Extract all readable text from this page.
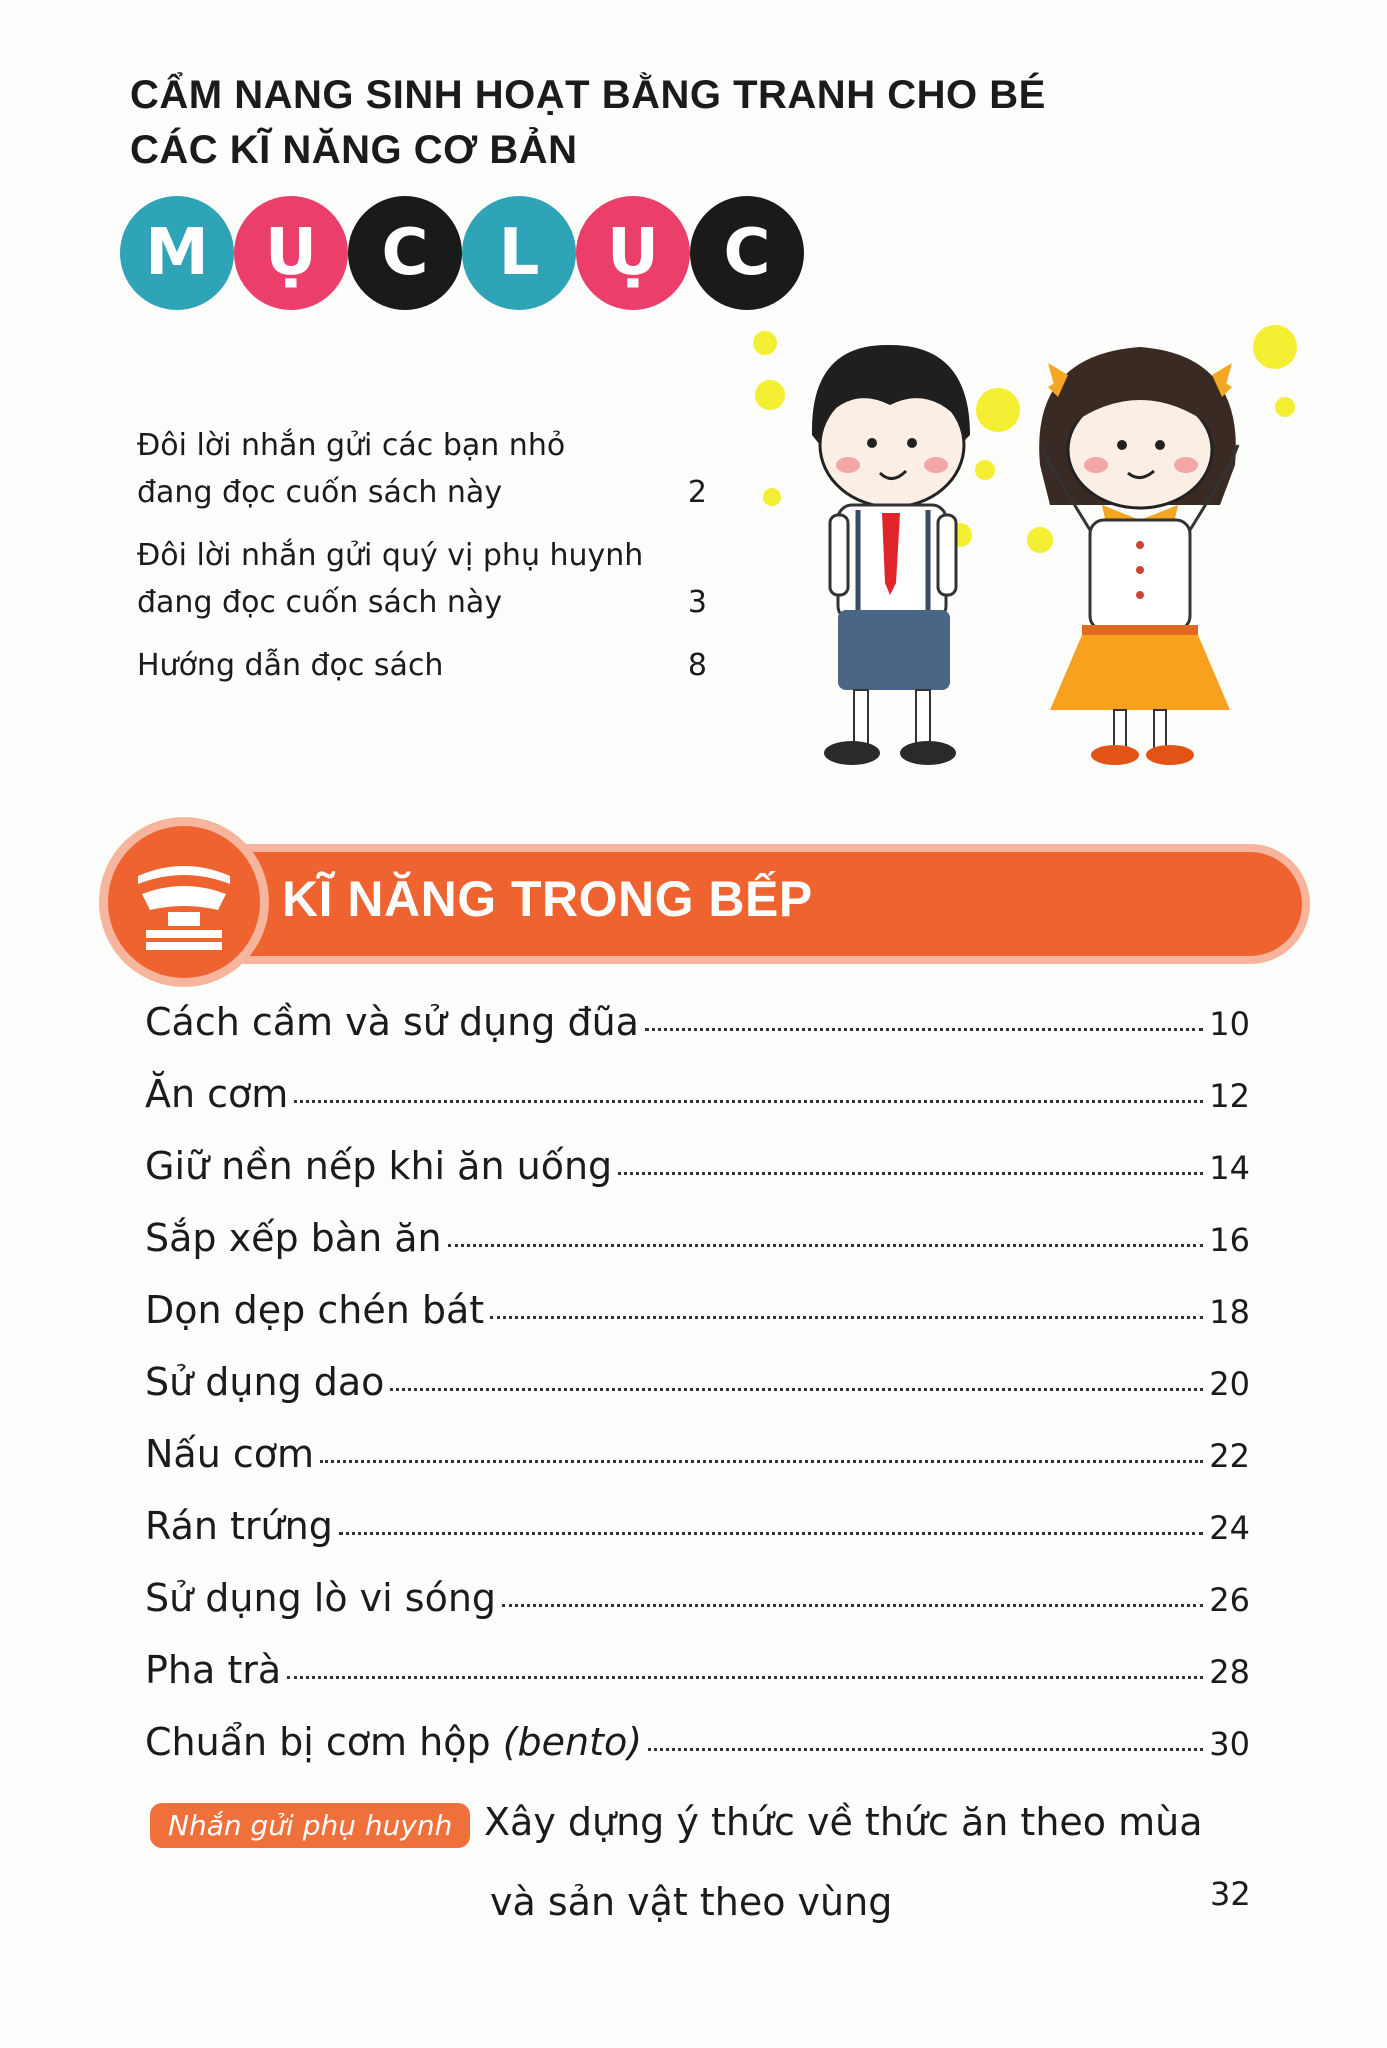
CẨM NANG SINH HOẠT BẰNG TRANH CHO BÉ
CÁC KĨ NĂNG CƠ BẢN
M Ụ C L Ụ C
Đôi lời nhắn gửi các bạn nhỏ
đang đọc cuốn sách này	2
Đôi lời nhắn gửi quý vị phụ huynh
đang đọc cuốn sách này	3
Hướng dẫn đọc sách	8
KĨ NĂNG TRONG BẾP
Cách cầm và sử dụng đũa	10
Ăn cơm	12
Giữ nền nếp khi ăn uống	14
Sắp xếp bàn ăn	16
Dọn dẹp chén bát	18
Sử dụng dao	20
Nấu cơm	22
Rán trứng	24
Sử dụng lò vi sóng	26
Pha trà	28
Chuẩn bị cơm hộp (bento)	30
Nhắn gửi phụ huynh Xây dựng ý thức về thức ăn theo mùa
và sản vật theo vùng	32
